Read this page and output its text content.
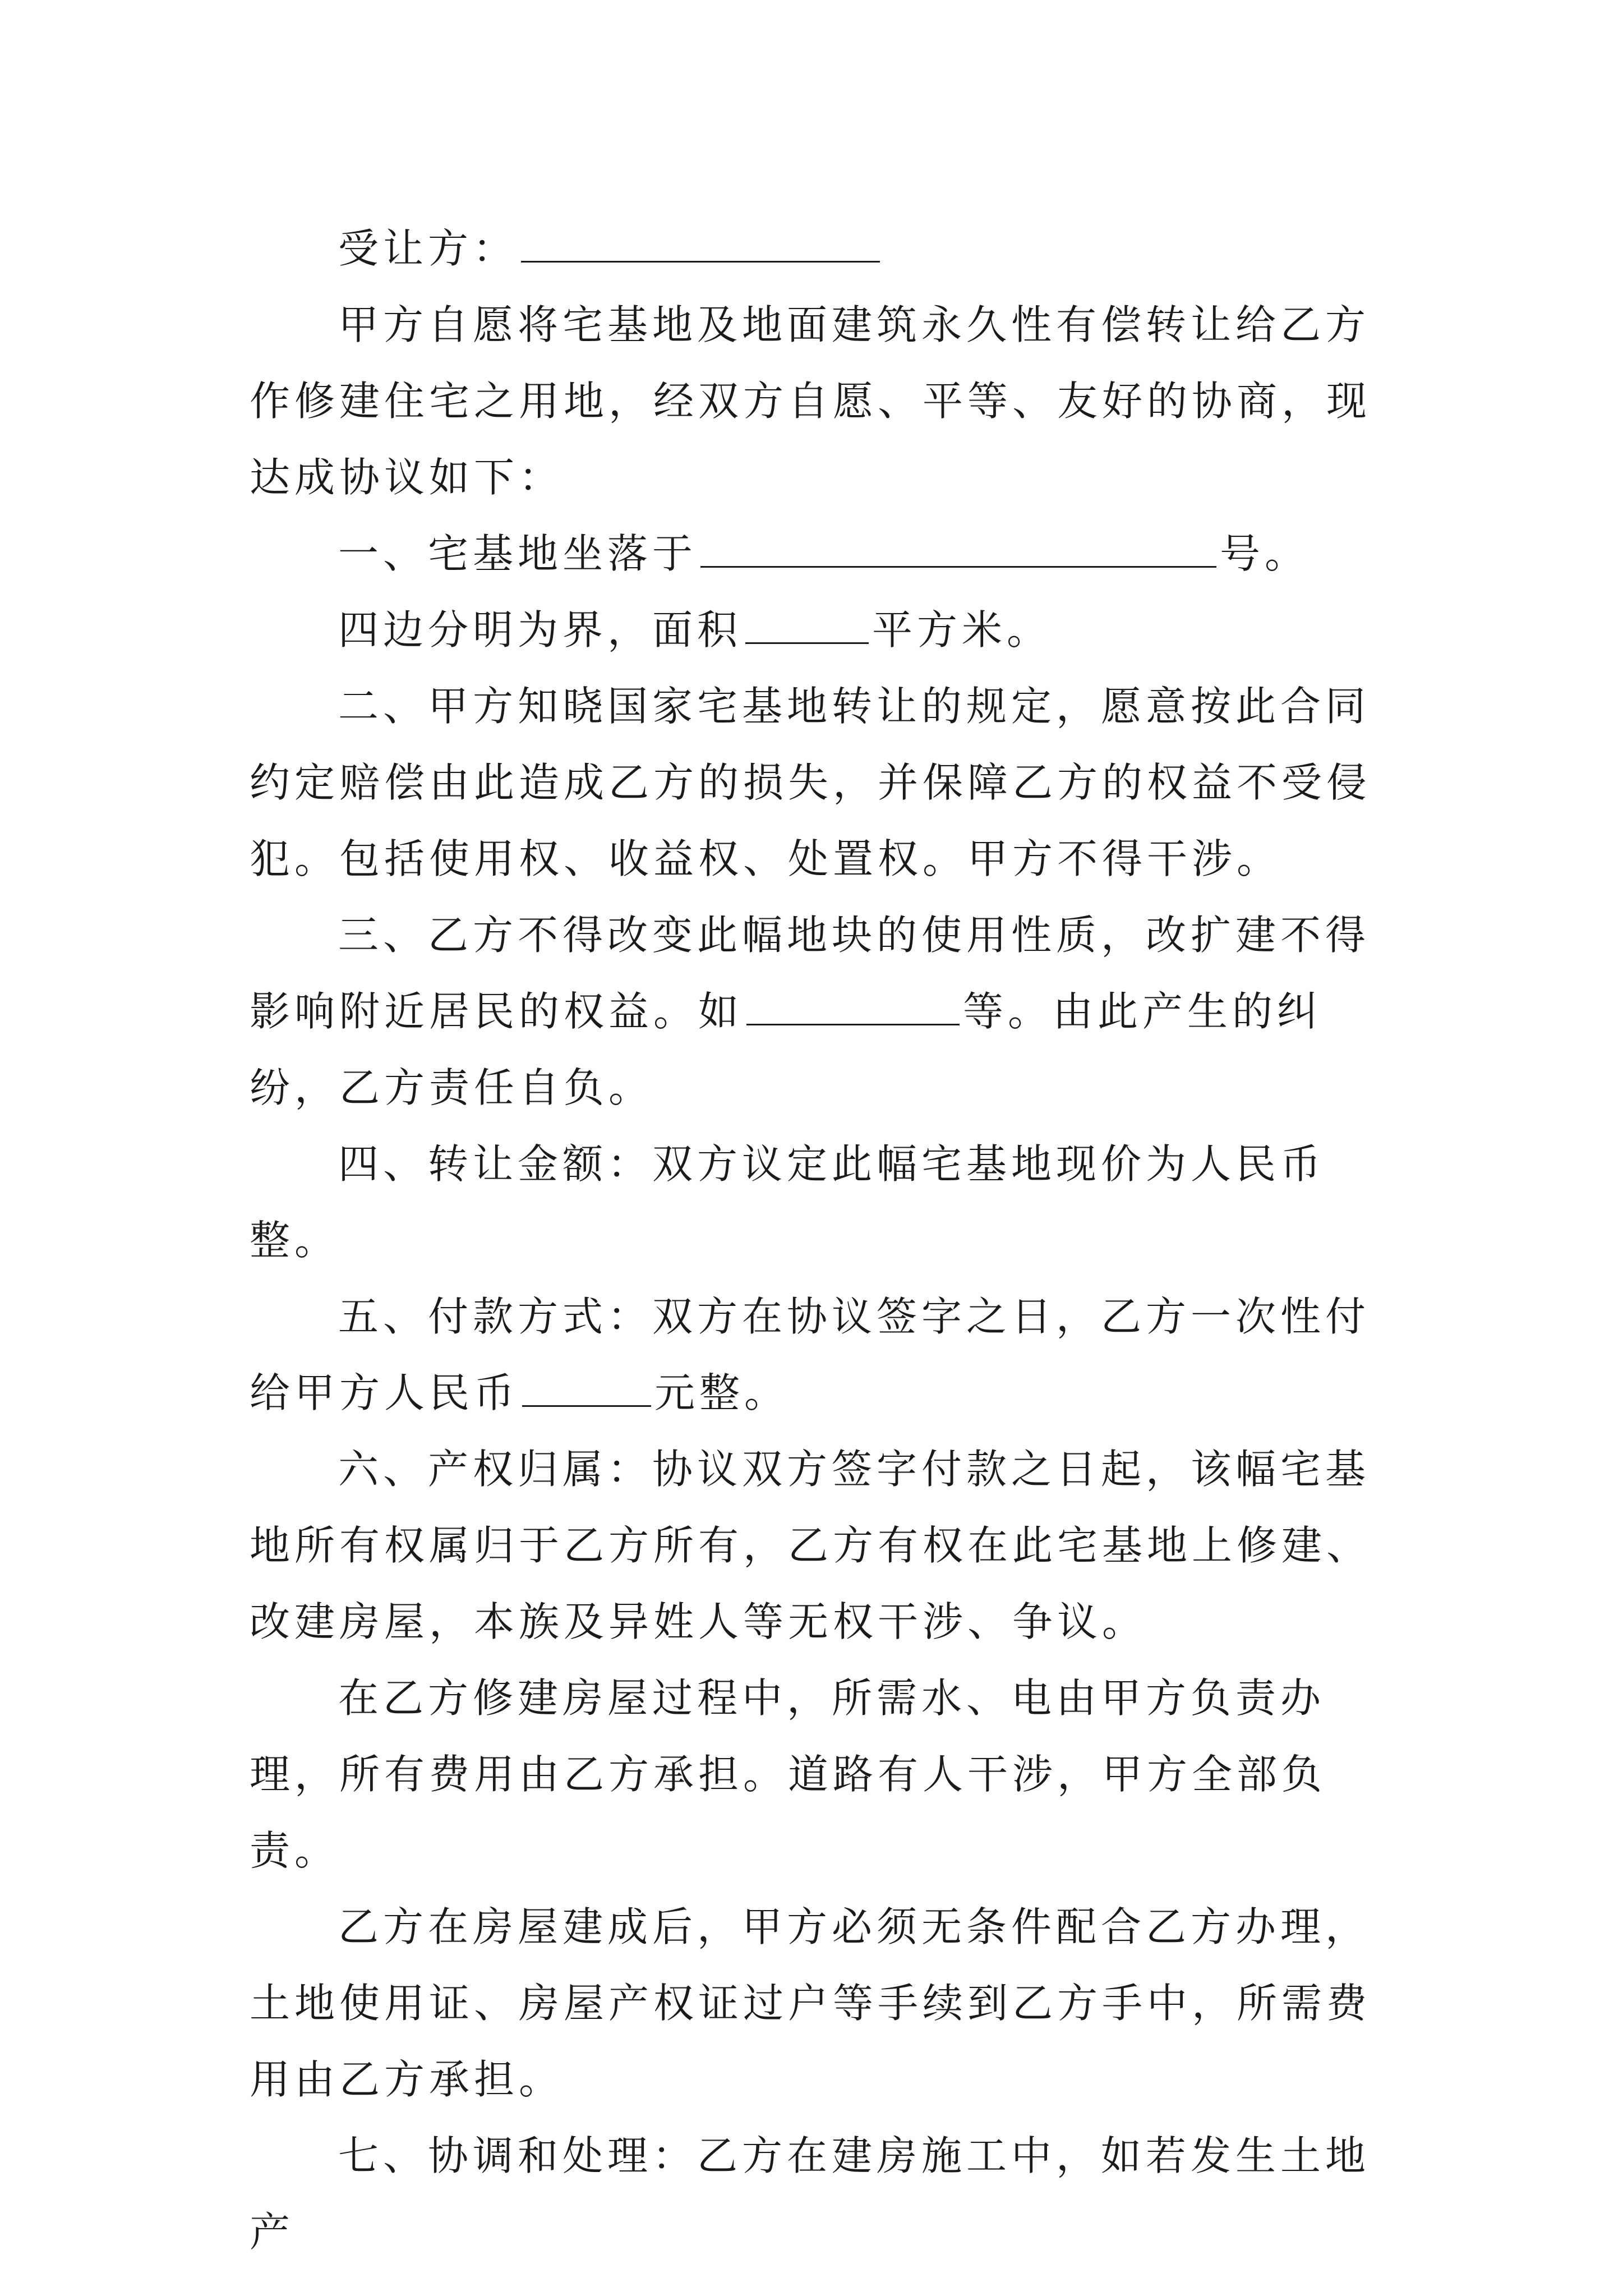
受让方：

甲方自愿将宅基地及地面建筑永久性有偿转让给乙方作修建住宅之用地，经双方自愿、平等、友好的协商，现达成协议如下：

一、宅基地坐落于	号。

四边分明为界，面积	平方米。

二、甲方知晓国家宅基地转让的规定，愿意按此合同约定赔偿由此造成乙方的损失，并保障乙方的权益不受侵犯。包括使用权、收益权、处置权。甲方不得干涉。

三、乙方不得改变此幅地块的使用性质，改扩建不得影响附近居民的权益。如	等。由此产生的纠纷，乙方责任自负。

四、转让金额：双方议定此幅宅基地现价为人民币整。

五、付款方式：双方在协议签字之日，乙方一次性付给甲方人民币	元整。

六、产权归属：协议双方签字付款之日起，该幅宅基地所有权属归于乙方所有，乙方有权在此宅基地上修建、改建房屋，本族及异姓人等无权干涉、争议。

在乙方修建房屋过程中，所需水、电由甲方负责办理，所有费用由乙方承担。道路有人干涉，甲方全部负责。

乙方在房屋建成后，甲方必须无条件配合乙方办理，土地使用证、房屋产权证过户等手续到乙方手中，所需费用由乙方承担。

七、协调和处理：乙方在建房施工中，如若发生土地产
